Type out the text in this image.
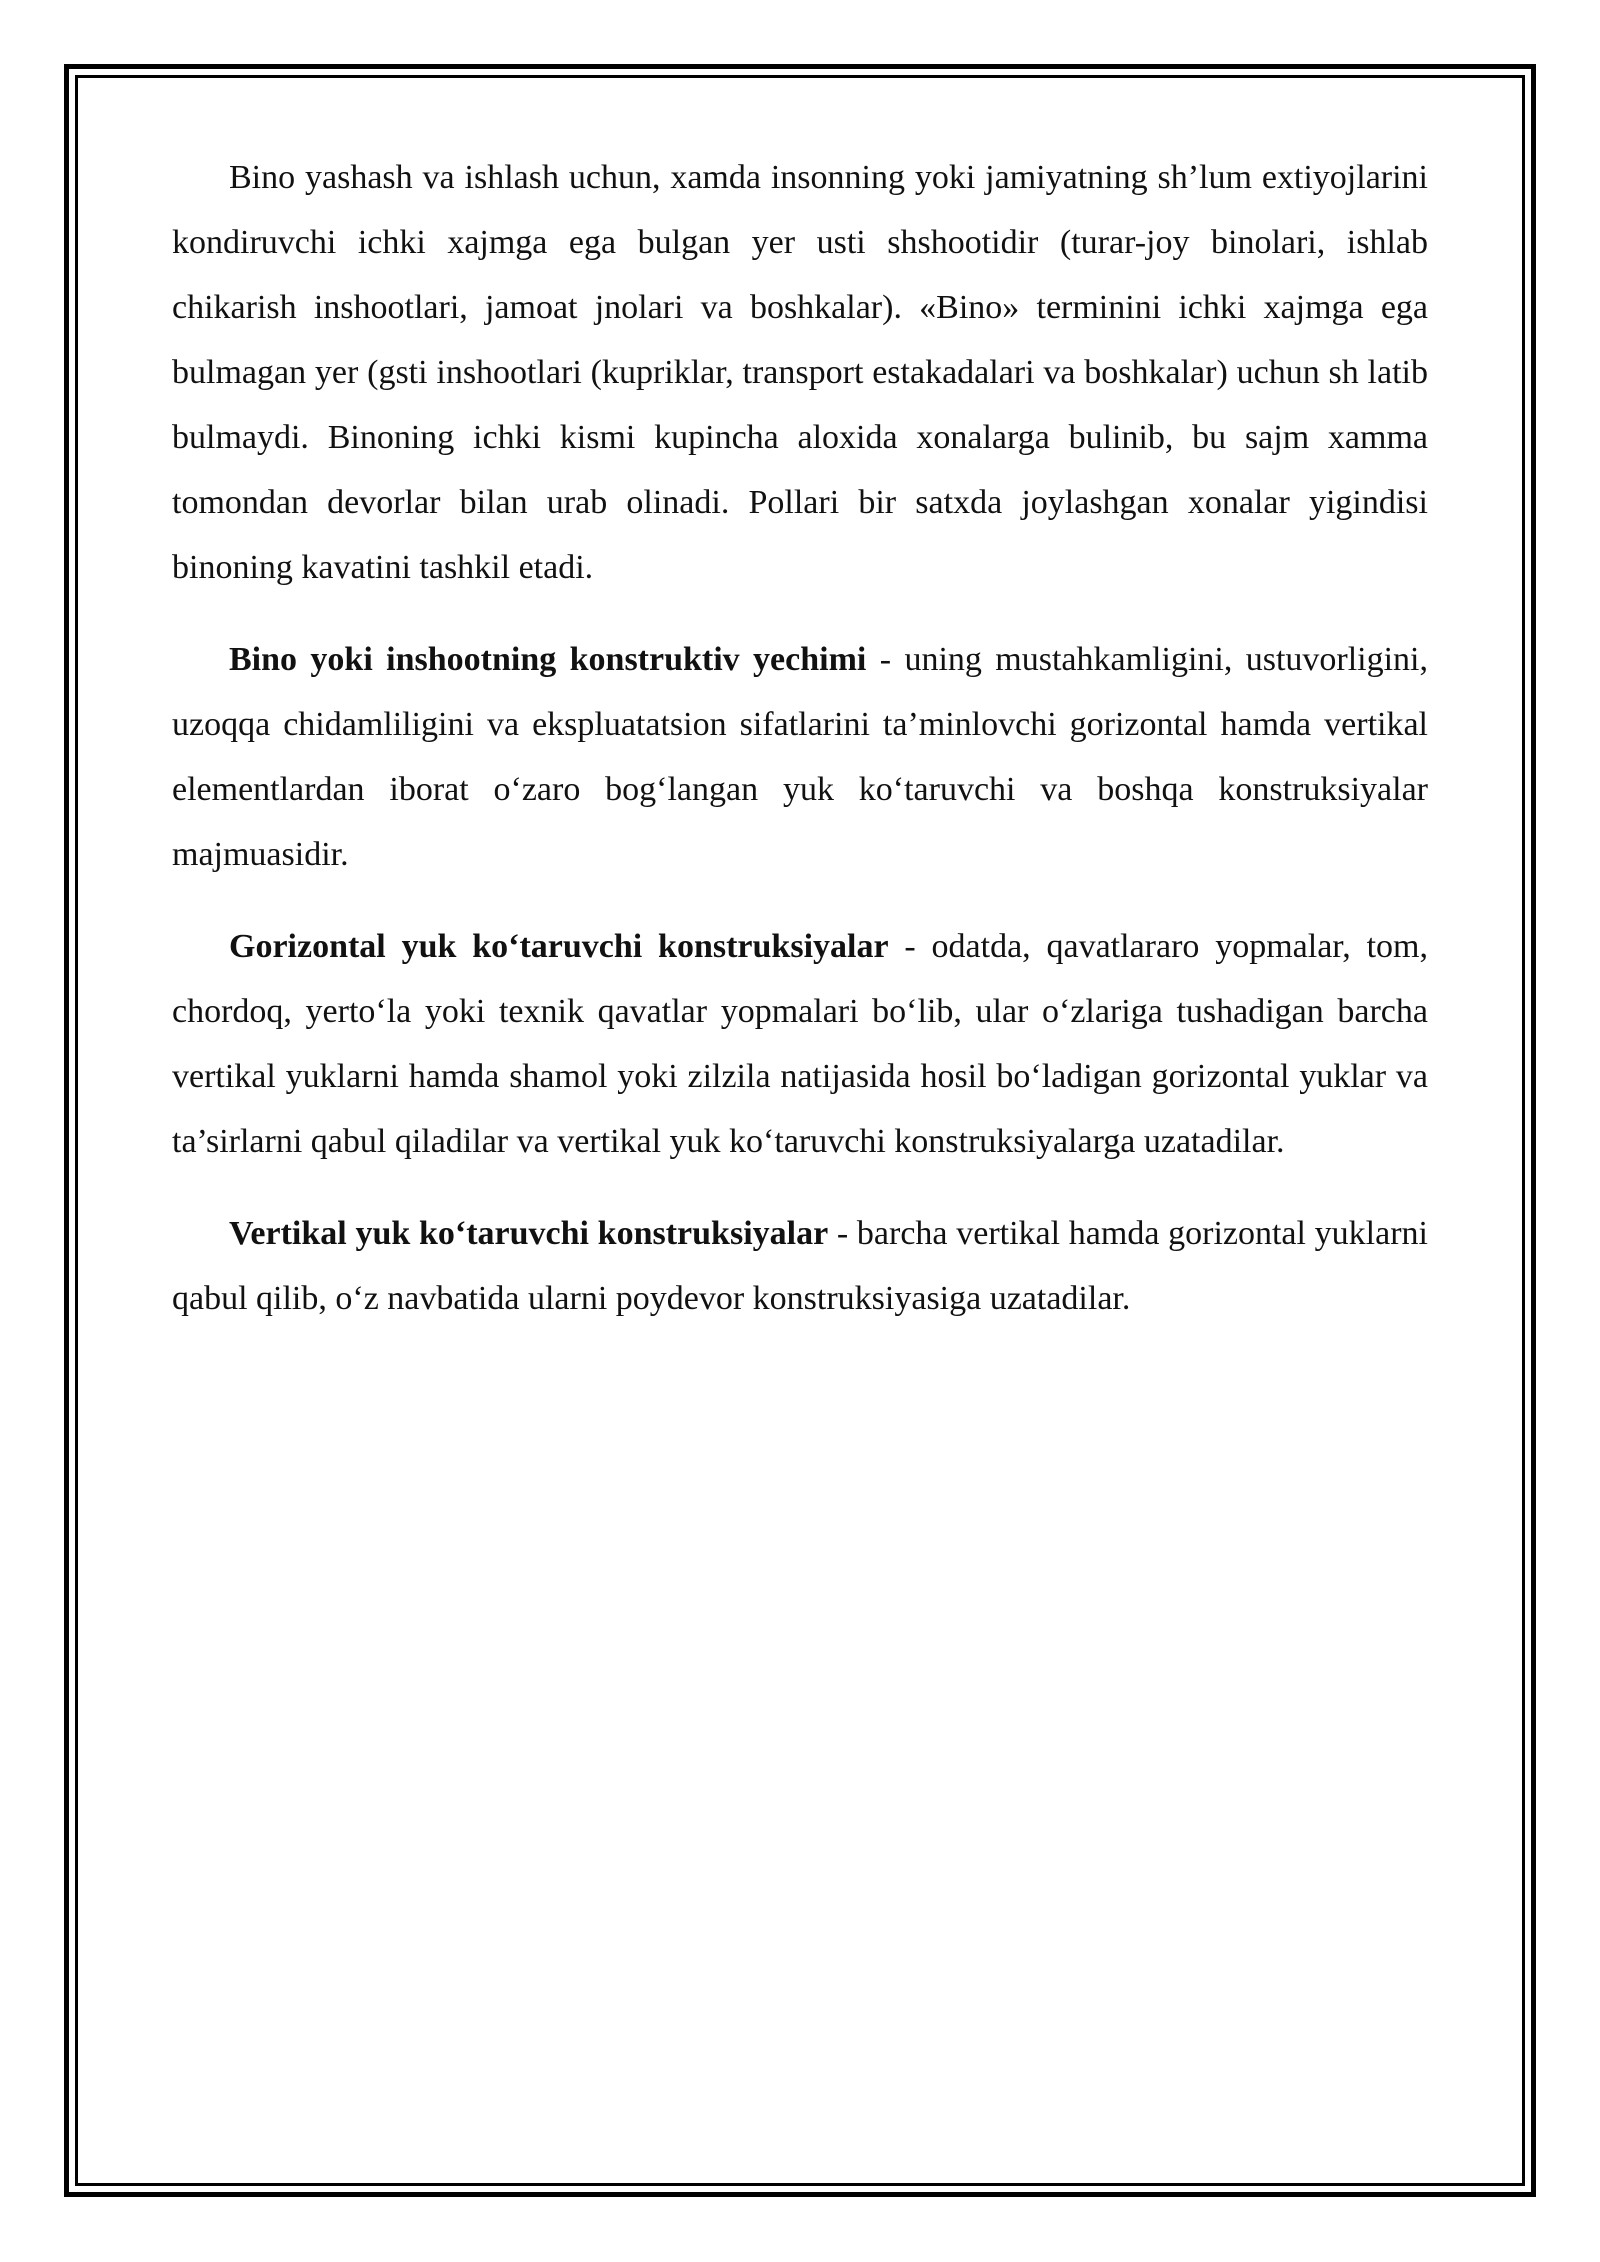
Bino yashash va ishlash uchun, xamda insonning yoki jamiyatning sh’lum extiyojlarini kondiruvchi ichki xajmga ega bulgan yer usti shshootidir (turar-joy binolari, ishlab chikarish inshootlari, jamoat jnolari va boshkalar). «Bino» terminini ichki xajmga ega bulmagan yer (gsti inshootlari (kupriklar, transport estakadalari va boshkalar) uchun sh latib bulmaydi. Binoning ichki kismi kupincha aloxida xonalarga bulinib, bu sajm xamma tomondan devorlar bilan urab olinadi. Pollari bir satxda joylashgan xonalar yigindisi binoning kavatini tashkil etadi.

Bino yoki inshootning konstruktiv yechimi - uning mustahkamligini, ustuvorligini, uzoqqa chidamliligini va ekspluatatsion sifatlarini ta’minlovchi gorizontal hamda vertikal elementlardan iborat o‘zaro bog‘langan yuk ko‘taruvchi va boshqa konstruksiyalar majmuasidir.

Gorizontal yuk ko‘taruvchi konstruksiyalar - odatda, qavatlararo yopmalar, tom, chordoq, yerto‘la yoki texnik qavatlar yopmalari bo‘lib, ular o‘zlariga tushadigan barcha vertikal yuklarni hamda shamol yoki zilzila natijasida hosil bo‘ladigan gorizontal yuklar va ta’sirlarni qabul qiladilar va vertikal yuk ko‘taruvchi konstruksiyalarga uzatadilar.

Vertikal yuk ko‘taruvchi konstruksiyalar - barcha vertikal hamda gorizontal yuklarni qabul qilib, o‘z navbatida ularni poydevor konstruksiyasiga uzatadilar.
